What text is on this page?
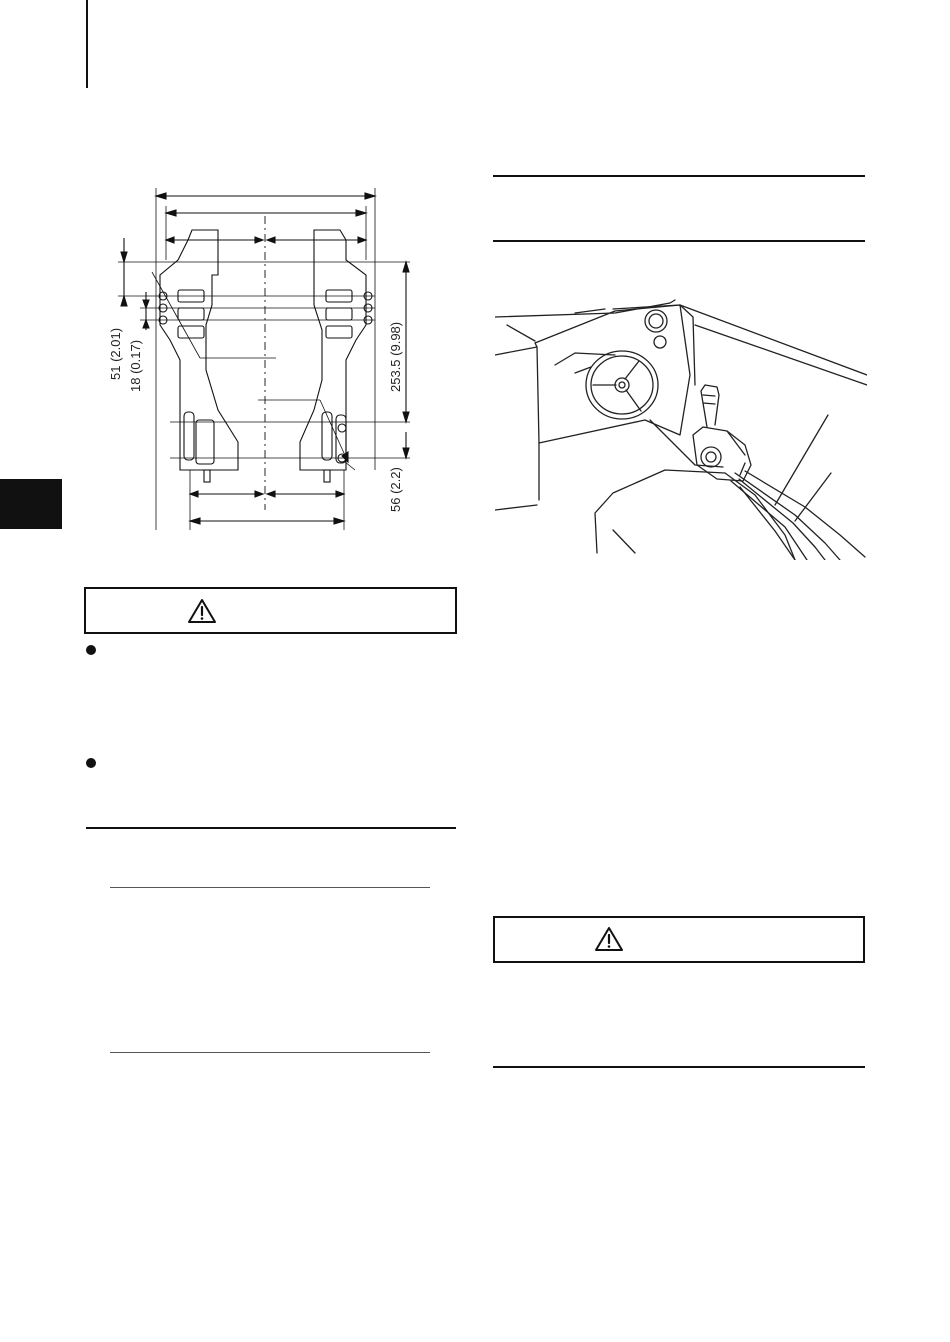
51 (2.01) 18 (0.17)	253.5 (9.98)
56 (2.2)
